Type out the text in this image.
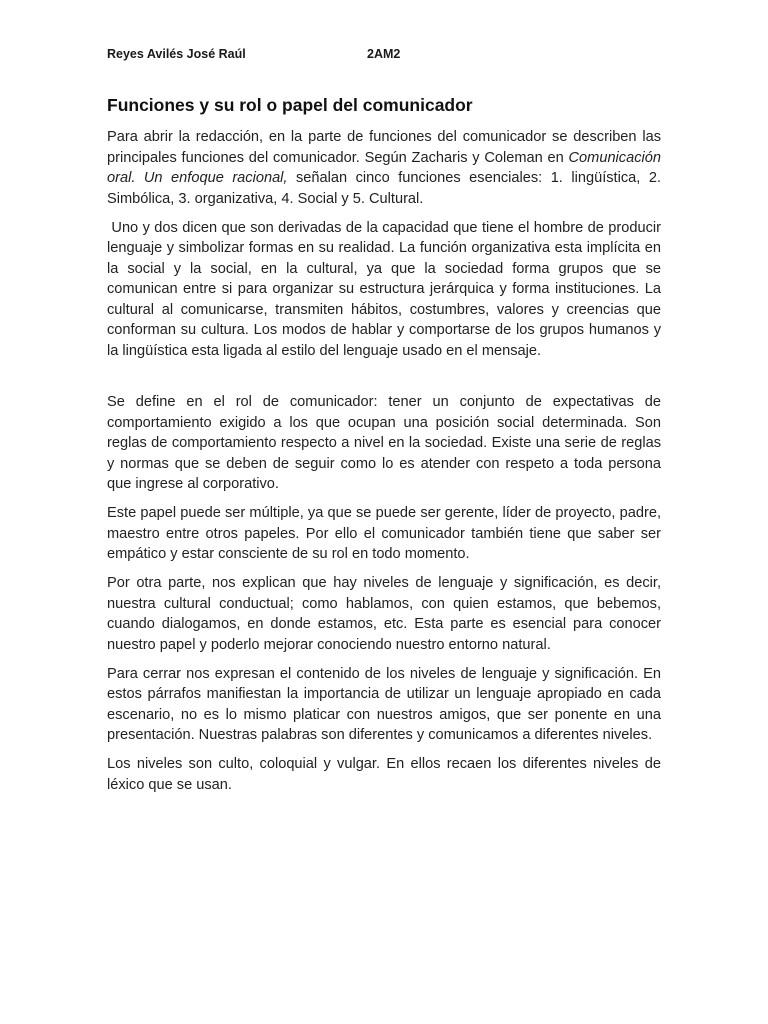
Reyes Avilés José Raúl	2AM2
Funciones y su rol o papel del comunicador

Para abrir la redacción, en la parte de funciones del comunicador se describen las principales funciones del comunicador. Según Zacharis y Coleman en Comunicación oral. Un enfoque racional, señalan cinco funciones esenciales: 1. lingüística, 2. Simbólica, 3. organizativa, 4. Social y 5. Cultural.

Uno y dos dicen que son derivadas de la capacidad que tiene el hombre de producir lenguaje y simbolizar formas en su realidad. La función organizativa esta implícita en la social y la social, en la cultural, ya que la sociedad forma grupos que se comunican entre si para organizar su estructura jerárquica y forma instituciones. La cultural al comunicarse, transmiten hábitos, costumbres, valores y creencias que conforman su cultura. Los modos de hablar y comportarse de los grupos humanos y la lingüística esta ligada al estilo del lenguaje usado en el mensaje.

Se define en el rol de comunicador: tener un conjunto de expectativas de comportamiento exigido a los que ocupan una posición social determinada. Son reglas de comportamiento respecto a nivel en la sociedad. Existe una serie de reglas y normas que se deben de seguir como lo es atender con respeto a toda persona que ingrese al corporativo.

Este papel puede ser múltiple, ya que se puede ser gerente, líder de proyecto, padre, maestro entre otros papeles. Por ello el comunicador también tiene que saber ser empático y estar consciente de su rol en todo momento.

Por otra parte, nos explican que hay niveles de lenguaje y significación, es decir, nuestra cultural conductual; como hablamos, con quien estamos, que bebemos, cuando dialogamos, en donde estamos, etc. Esta parte es esencial para conocer nuestro papel y poderlo mejorar conociendo nuestro entorno natural.

Para cerrar nos expresan el contenido de los niveles de lenguaje y significación. En estos párrafos manifiestan la importancia de utilizar un lenguaje apropiado en cada escenario, no es lo mismo platicar con nuestros amigos, que ser ponente en una presentación. Nuestras palabras son diferentes y comunicamos a diferentes niveles.

Los niveles son culto, coloquial y vulgar. En ellos recaen los diferentes niveles de léxico que se usan.
